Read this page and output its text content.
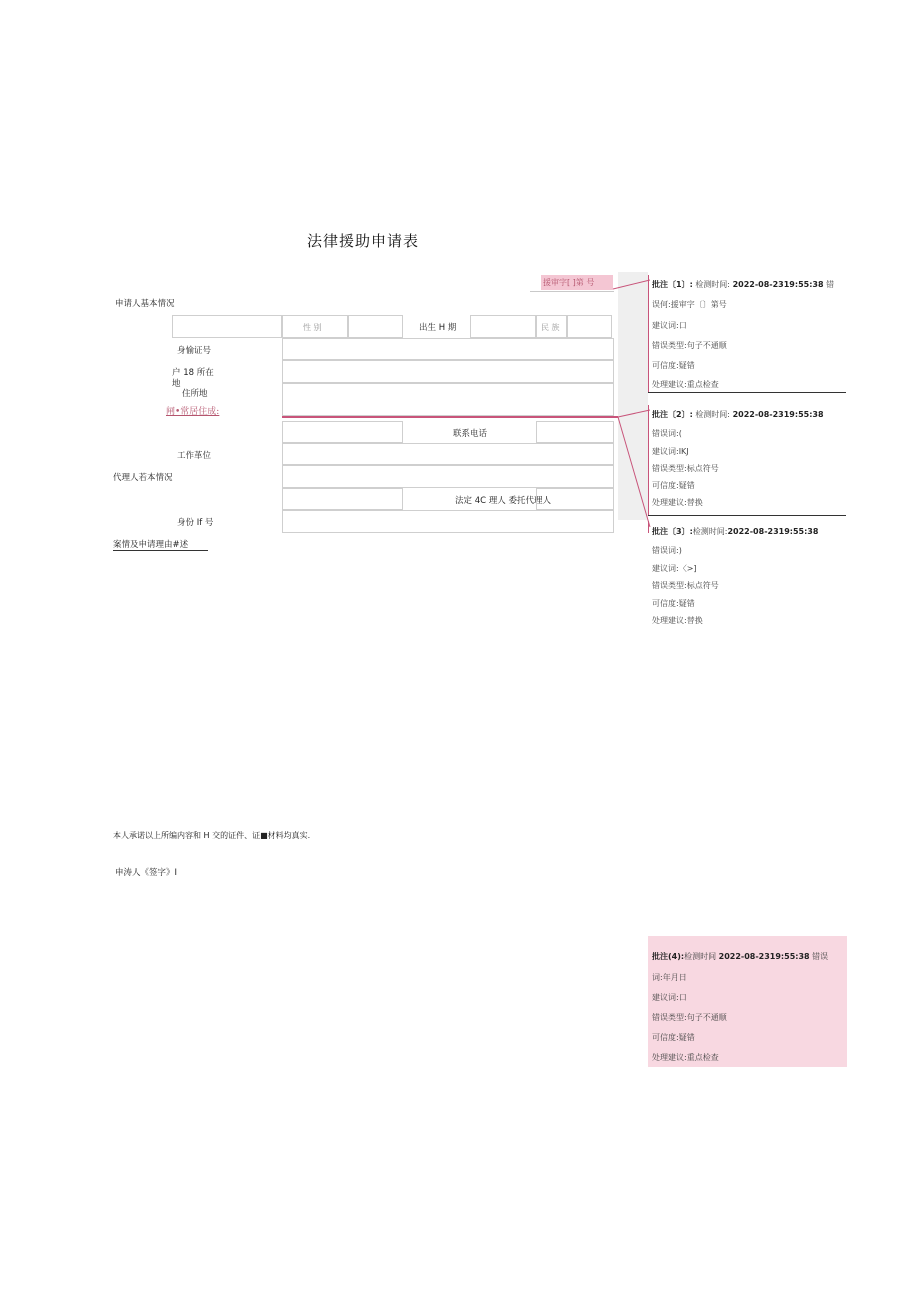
法律援助申请表
援审字[ ]第 号
申请人基本情况
性 别	出生 H 期	民 族
身愉证号
户 18 所在
地
住所地
闸•常居住成:
联系电话
工作革位
代理人若本情况
法定 4C 理人 委托代理人
身份 If 号
案情及申请理由#述
本人承诺以上所编内容和 H 交的证件、证■材料均真实.
申涛人《签字》I
批注〔1〕: 检测时间: 2022-08-2319:55:38 错
误何:援审字〔〕第号
建议词:口
错误类型:句子不通顺
可信度:疑错
处理建议:重点检查
批注〔2〕: 检测时间: 2022-08-2319:55:38
错误词:(
建议词:IKJ
错误类型:标点符号
可信度:疑错
处理建议:替换
批注〔3〕:检测时间:2022-08-2319:55:38
错误词:)
建议词:〈>]
错误类型:标点符号
可信度:疑错
处理建议:替换
批注(4):检测时间 2022-08-2319:55:38 错误
词:年月日
建议词:口
错误类型:句子不通顺
可信度:疑错
处理建议:重点检查
